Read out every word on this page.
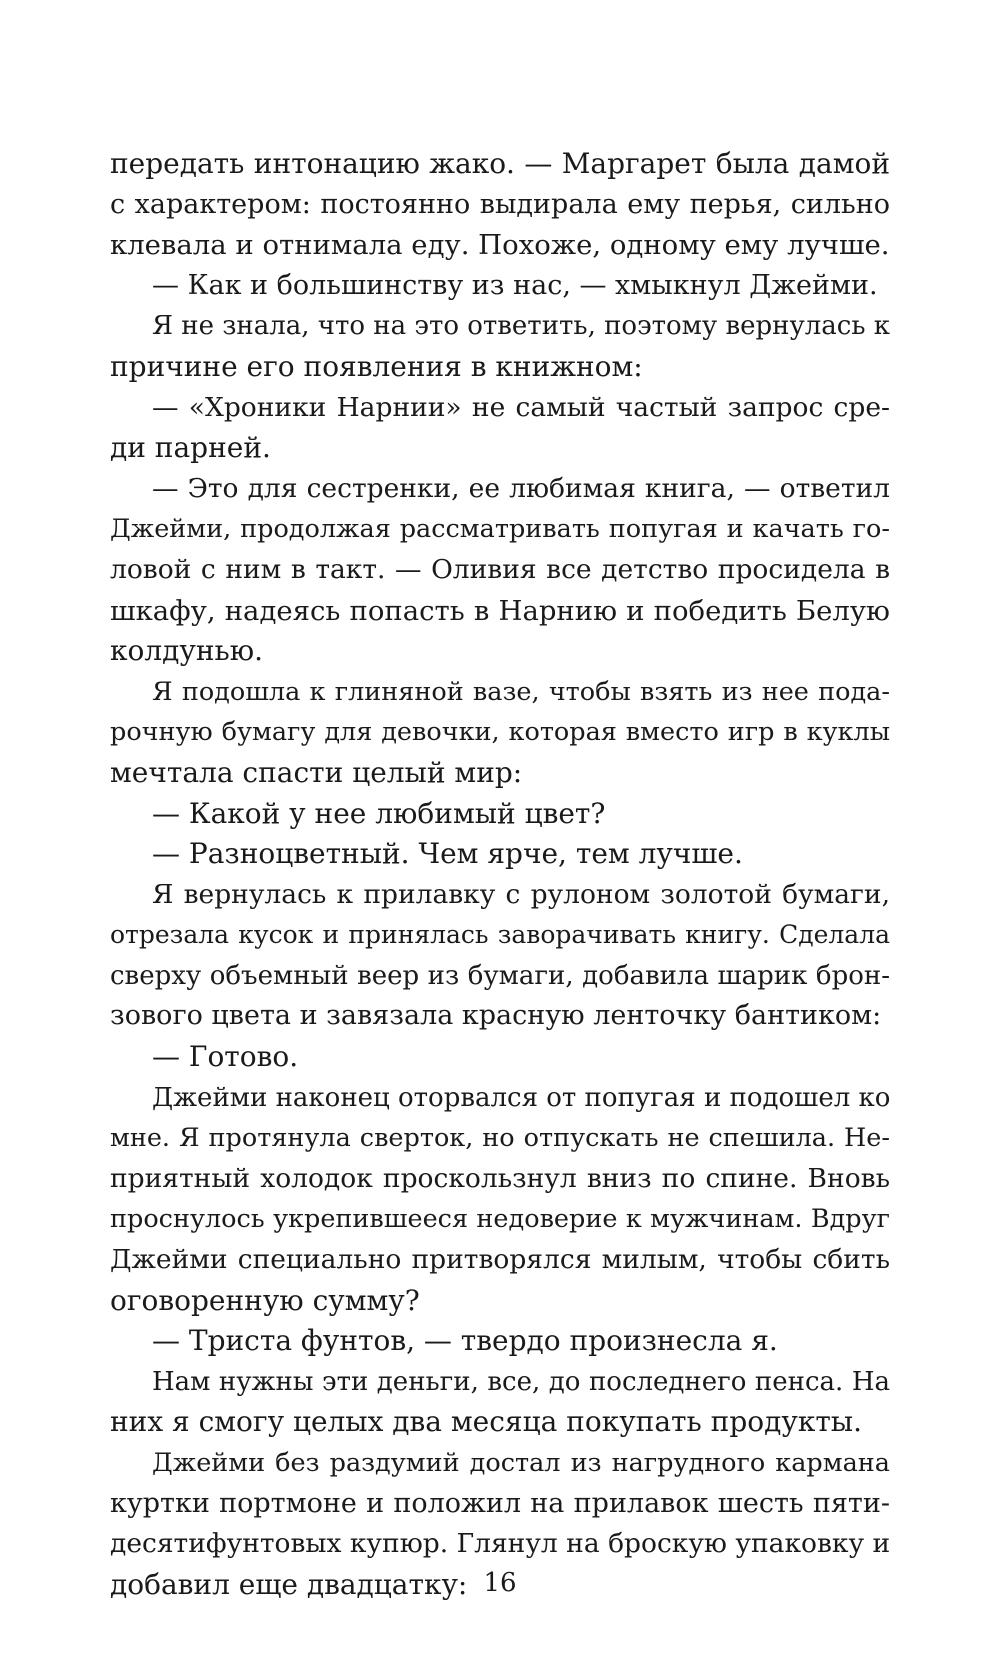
передать интонацию жако. — Маргарет была дамой
с характером: постоянно выдирала ему перья, сильно
клевала и отнимала еду. Похоже, одному ему лучше.
— Как и большинству из нас, — хмыкнул Джейми.
Я не знала, что на это ответить, поэтому вернулась к
причине его появления в книжном:
— «Хроники Нарнии» не самый частый запрос сре-
ди парней.
— Это для сестренки, ее любимая книга, — ответил
Джейми, продолжая рассматривать попугая и качать го-
ловой с ним в такт. — Оливия все детство просидела в
шкафу, надеясь попасть в Нарнию и победить Белую
колдунью.
Я подошла к глиняной вазе, чтобы взять из нее пода-
рочную бумагу для девочки, которая вместо игр в куклы
мечтала спасти целый мир:
— Какой у нее любимый цвет?
— Разноцветный. Чем ярче, тем лучше.
Я вернулась к прилавку с рулоном золотой бумаги,
отрезала кусок и принялась заворачивать книгу. Сделала
сверху объемный веер из бумаги, добавила шарик брон-
зового цвета и завязала красную ленточку бантиком:
— Готово.
Джейми наконец оторвался от попугая и подошел ко
мне. Я протянула сверток, но отпускать не спешила. Не-
приятный холодок проскользнул вниз по спине. Вновь
проснулось укрепившееся недоверие к мужчинам. Вдруг
Джейми специально притворялся милым, чтобы сбить
оговоренную сумму?
— Триста фунтов, — твердо произнесла я.
Нам нужны эти деньги, все, до последнего пенса. На
них я смогу целых два месяца покупать продукты.
Джейми без раздумий достал из нагрудного кармана
куртки портмоне и положил на прилавок шесть пяти-
десятифунтовых купюр. Глянул на броскую упаковку и
добавил еще двадцатку: 16
